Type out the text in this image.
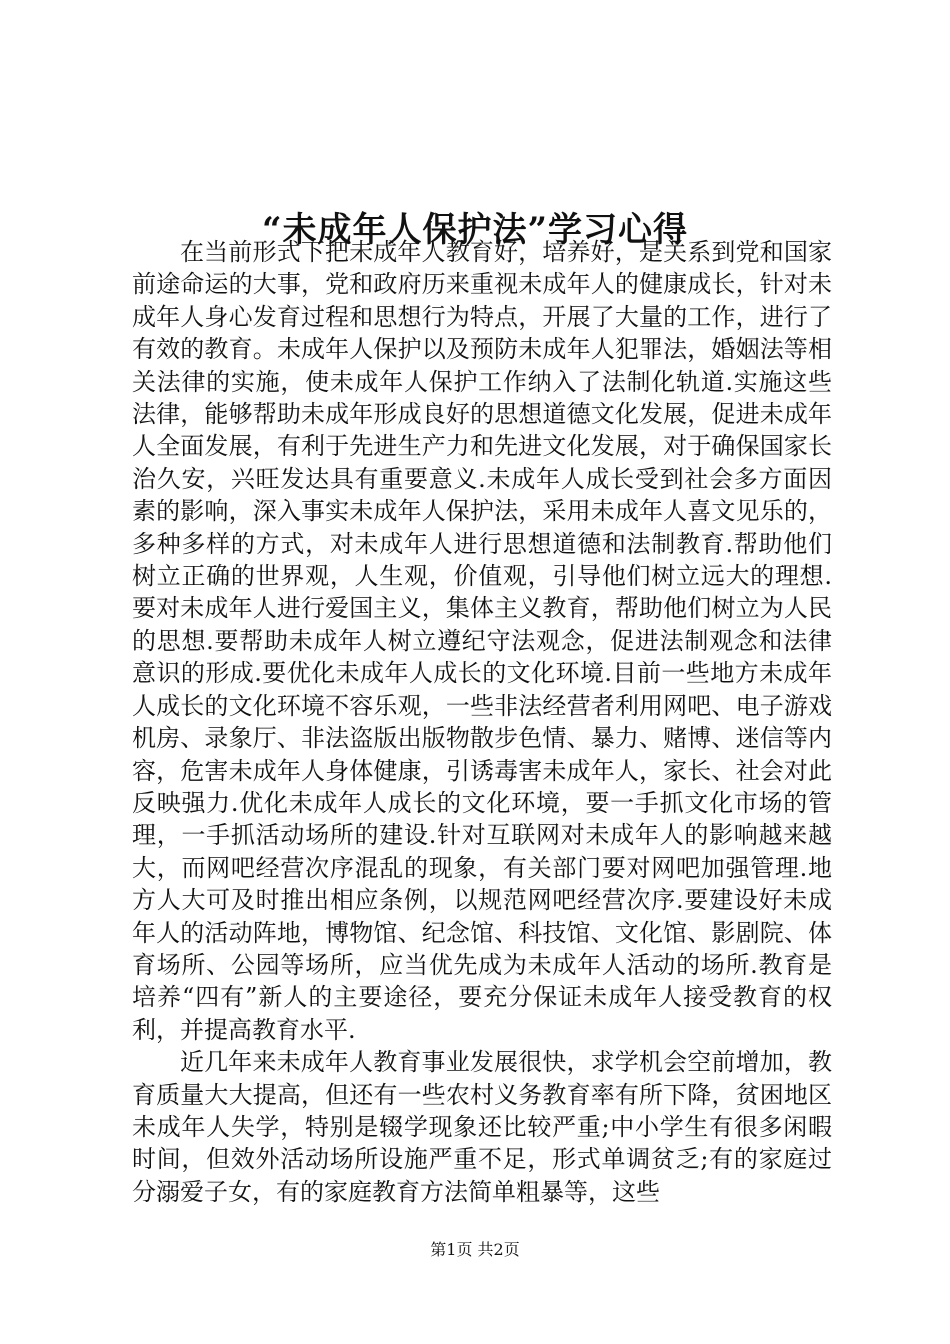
“未成年人保护法”学习心得

在当前形式下把未成年人教育好，培养好，是关系到党和国家前途命运的大事，党和政府历来重视未成年人的健康成长，针对未成年人身心发育过程和思想行为特点，开展了大量的工作，进行了有效的教育。未成年人保护以及预防未成年人犯罪法，婚姻法等相关法律的实施，使未成年人保护工作纳入了法制化轨道.实施这些法律，能够帮助未成年形成良好的思想道德文化发展，促进未成年人全面发展，有利于先进生产力和先进文化发展，对于确保国家长治久安，兴旺发达具有重要意义.未成年人成长受到社会多方面因素的影响，深入事实未成年人保护法，采用未成年人喜文见乐的，多种多样的方式，对未成年人进行思想道德和法制教育.帮助他们树立正确的世界观，人生观，价值观，引导他们树立远大的理想.要对未成年人进行爱国主义，集体主义教育，帮助他们树立为人民的思想.要帮助未成年人树立遵纪守法观念，促进法制观念和法律意识的形成.要优化未成年人成长的文化环境.目前一些地方未成年人成长的文化环境不容乐观，一些非法经营者利用网吧、电子游戏机房、录象厅、非法盗版出版物散步色情、暴力、赌博、迷信等内容，危害未成年人身体健康，引诱毒害未成年人，家长、社会对此反映强力.优化未成年人成长的文化环境，要一手抓文化市场的管理，一手抓活动场所的建设.针对互联网对未成年人的影响越来越大，而网吧经营次序混乱的现象，有关部门要对网吧加强管理.地方人大可及时推出相应条例，以规范网吧经营次序.要建设好未成年人的活动阵地，博物馆、纪念馆、科技馆、文化馆、影剧院、体育场所、公园等场所，应当优先成为未成年人活动的场所.教育是培养“四有”新人的主要途径，要充分保证未成年人接受教育的权利，并提高教育水平.

近几年来未成年人教育事业发展很快，求学机会空前增加，教育质量大大提高，但还有一些农村义务教育率有所下降，贫困地区未成年人失学，特别是辍学现象还比较严重;中小学生有很多闲暇时间，但效外活动场所设施严重不足，形式单调贫乏;有的家庭过分溺爱子女，有的家庭教育方法简单粗暴等，这些

第1页 共2页
